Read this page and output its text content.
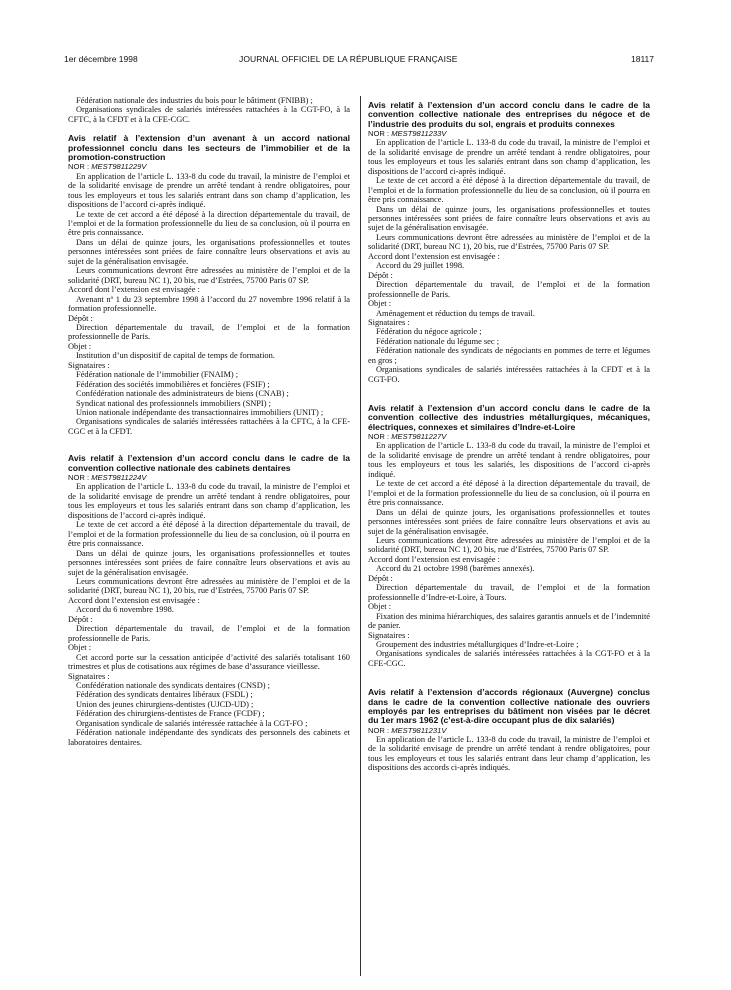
1er décembre 1998	JOURNAL OFFICIEL DE LA RÉPUBLIQUE FRANÇAISE	18117

Fédération nationale des industries du bois pour le bâtiment (FNIBB) ;

Organisations syndicales de salariés intéressées rattachées à la CGT-FO, à la CFTC, à la CFDT et à la CFE-CGC.

Avis relatif à l’extension d’un avenant à un accord national professionnel conclu dans les secteurs de l’immobilier et de la promotion-construction

NOR : MEST9811229V

En application de l’article L. 133-8 du code du travail, la ministre de l’emploi et de la solidarité envisage de prendre un arrêté tendant à rendre obligatoires, pour tous les employeurs et tous les salariés entrant dans son champ d’application, les dispositions de l’accord ci-après indiqué.

Le texte de cet accord a été déposé à la direction départementale du travail, de l’emploi et de la formation professionnelle du lieu de sa conclusion, où il pourra en être pris connaissance.

Dans un délai de quinze jours, les organisations professionnelles et toutes personnes intéressées sont priées de faire connaître leurs observations et avis au sujet de la généralisation envisagée.

Leurs communications devront être adressées au ministère de l’emploi et de la solidarité (DRT, bureau NC 1), 20 bis, rue d’Estrées, 75700 Paris 07 SP.

Accord dont l’extension est envisagée :

Avenant nº 1 du 23 septembre 1998 à l’accord du 27 novembre 1996 relatif à la formation professionnelle.

Dépôt :

Direction départementale du travail, de l’emploi et de la formation professionnelle de Paris.

Objet :

Institution d’un dispositif de capital de temps de formation.

Signataires :

Fédération nationale de l’immobilier (FNAIM) ;

Fédération des sociétés immobilières et foncières (FSIF) ;

Confédération nationale des administrateurs de biens (CNAB) ;

Syndicat national des professionnels immobiliers (SNPI) ;

Union nationale indépendante des transactionnaires immobiliers (UNIT) ;

Organisations syndicales de salariés intéressées rattachées à la CFTC, à la CFE-CGC et à la CFDT.

Avis relatif à l’extension d’un accord conclu dans le cadre de la convention collective nationale des cabinets dentaires

NOR : MEST9811224V

En application de l’article L. 133-8 du code du travail, la ministre de l’emploi et de la solidarité envisage de prendre un arrêté tendant à rendre obligatoires, pour tous les employeurs et tous les salariés entrant dans son champ d’application, les dispositions de l’accord ci-après indiqué.

Le texte de cet accord a été déposé à la direction départementale du travail, de l’emploi et de la formation professionnelle du lieu de sa conclusion, où il pourra en être pris connaissance.

Dans un délai de quinze jours, les organisations professionnelles et toutes personnes intéressées sont priées de faire connaître leurs observations et avis au sujet de la généralisation envisagée.

Leurs communications devront être adressées au ministère de l’emploi et de la solidarité (DRT, bureau NC 1), 20 bis, rue d’Estrées, 75700 Paris 07 SP.

Accord dont l’extension est envisagée :

Accord du 6 novembre 1998.

Dépôt :

Direction départementale du travail, de l’emploi et de la formation professionnelle de Paris.

Objet :

Cet accord porte sur la cessation anticipée d’activité des salariés totalisant 160 trimestres et plus de cotisations aux régimes de base d’assurance vieillesse.

Signataires :

Confédération nationale des syndicats dentaires (CNSD) ;

Fédération des syndicats dentaires libéraux (FSDL) ;

Union des jeunes chirurgiens-dentistes (UJCD-UD) ;

Fédération des chirurgiens-dentistes de France (FCDF) ;

Organisation syndicale de salariés intéressée rattachée à la CGT-FO ;

Fédération nationale indépendante des syndicats des personnels des cabinets et laboratoires dentaires.

Avis relatif à l’extension d’un accord conclu dans le cadre de la convention collective nationale des entreprises du négoce et de l’industrie des produits du sol, engrais et produits connexes

NOR : MEST9811233V

En application de l’article L. 133-8 du code du travail, la ministre de l’emploi et de la solidarité envisage de prendre un arrêté tendant à rendre obligatoires, pour tous les employeurs et tous les salariés entrant dans son champ d’application, les dispositions de l’accord ci-après indiqué.

Le texte de cet accord a été déposé à la direction départementale du travail, de l’emploi et de la formation professionnelle du lieu de sa conclusion, où il pourra en être pris connaissance.

Dans un délai de quinze jours, les organisations professionnelles et toutes personnes intéressées sont priées de faire connaître leurs observations et avis au sujet de la généralisation envisagée.

Leurs communications devront être adressées au ministère de l’emploi et de la solidarité (DRT, bureau NC 1), 20 bis, rue d’Estrées, 75700 Paris 07 SP.

Accord dont l’extension est envisagée :

Accord du 29 juillet 1998.

Dépôt :

Direction départementale du travail, de l’emploi et de la formation professionnelle de Paris.

Objet :

Aménagement et réduction du temps de travail.

Signataires :

Fédération du négoce agricole ;

Fédération nationale du légume sec ;

Fédération nationale des syndicats de négociants en pommes de terre et légumes en gros ;

Organisations syndicales de salariés intéressées rattachées à la CFDT et à la CGT-FO.

Avis relatif à l’extension d’un accord conclu dans le cadre de la convention collective des industries métallurgiques, mécaniques, électriques, connexes et similaires d’Indre-et-Loire

NOR : MEST9811227V

En application de l’article L. 133-8 du code du travail, la ministre de l’emploi et de la solidarité envisage de prendre un arrêté tendant à rendre obligatoires, pour tous les employeurs et tous les salariés, les dispositions de l’accord ci-après indiqué.

Le texte de cet accord a été déposé à la direction départementale du travail, de l’emploi et de la formation professionnelle du lieu de sa conclusion, où il pourra en être pris connaissance.

Dans un délai de quinze jours, les organisations professionnelles et toutes personnes intéressées sont priées de faire connaître leurs observations et avis au sujet de la généralisation envisagée.

Leurs communications devront être adressées au ministère de l’emploi et de la solidarité (DRT, bureau NC 1), 20 bis, rue d’Estrées, 75700 Paris 07 SP.

Accord dont l’extension est envisagée :

Accord du 21 octobre 1998 (barèmes annexés).

Dépôt :

Direction départementale du travail, de l’emploi et de la formation professionnelle d’Indre-et-Loire, à Tours.

Objet :

Fixation des minima hiérarchiques, des salaires garantis annuels et de l’indemnité de panier.

Signataires :

Groupement des industries métallurgiques d’Indre-et-Loire ;

Organisations syndicales de salariés intéressées rattachées à la CGT-FO et à la CFE-CGC.

Avis relatif à l’extension d’accords régionaux (Auvergne) conclus dans le cadre de la convention collective nationale des ouvriers employés par les entreprises du bâtiment non visées par le décret du 1er mars 1962 (c’est-à-dire occupant plus de dix salariés)

NOR : MEST9811231V

En application de l’article L. 133-8 du code du travail, la ministre de l’emploi et de la solidarité envisage de prendre un arrêté tendant à rendre obligatoires, pour tous les employeurs et tous les salariés entrant dans leur champ d’application, les dispositions des accords ci-après indiqués.
